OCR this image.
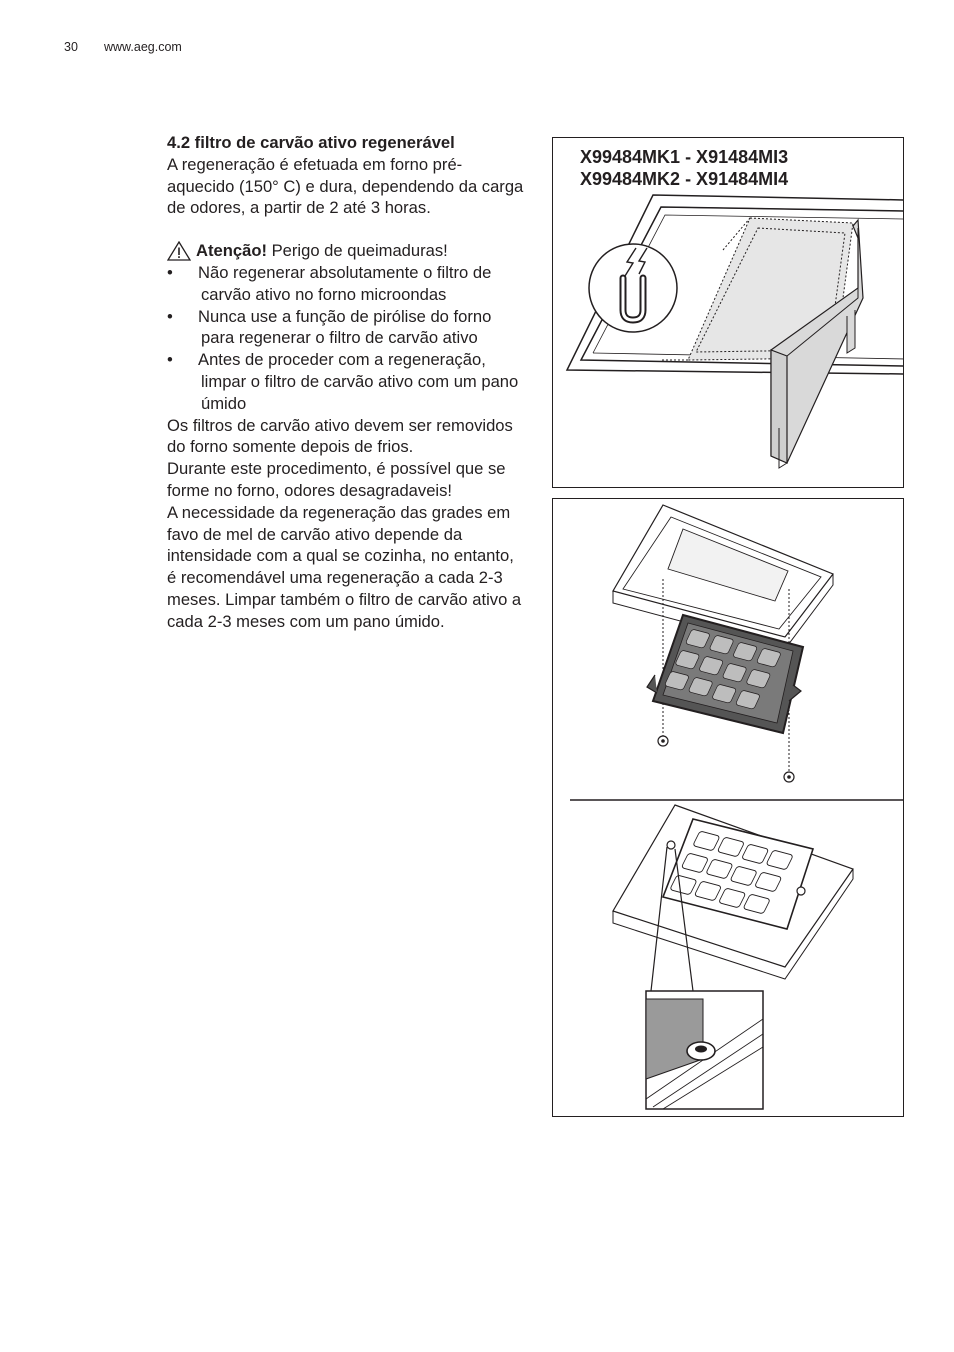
30 www.aeg.com

4.2 filtro de carvão ativo regenerável

A regeneração é efetuada em forno pré-aquecido (150° C) e dura, dependendo da carga de odores, a partir de 2 até 3 horas.

Atenção! Perigo de queimaduras!

• Não regenerar absolutamente o filtro de carvão ativo no forno microondas
• Nunca use a função de pirólise do forno para regenerar o filtro de carvão ativo
• Antes de proceder com a regeneração, limpar o filtro de carvão ativo com um pano úmido

Os filtros de carvão ativo devem ser removidos do forno somente depois de frios.

Durante este procedimento, é possível que se forme no forno, odores desagradaveis!

A necessidade da regeneração das grades em favo de mel de carvão ativo depende da intensidade com a qual se cozinha, no entanto, é recomendável uma regeneração a cada 2-3 meses. Limpar também o filtro de carvão ativo a cada 2-3 meses com um pano úmido.

X99484MK1 - X91484MI3
X99484MK2 - X91484MI4
